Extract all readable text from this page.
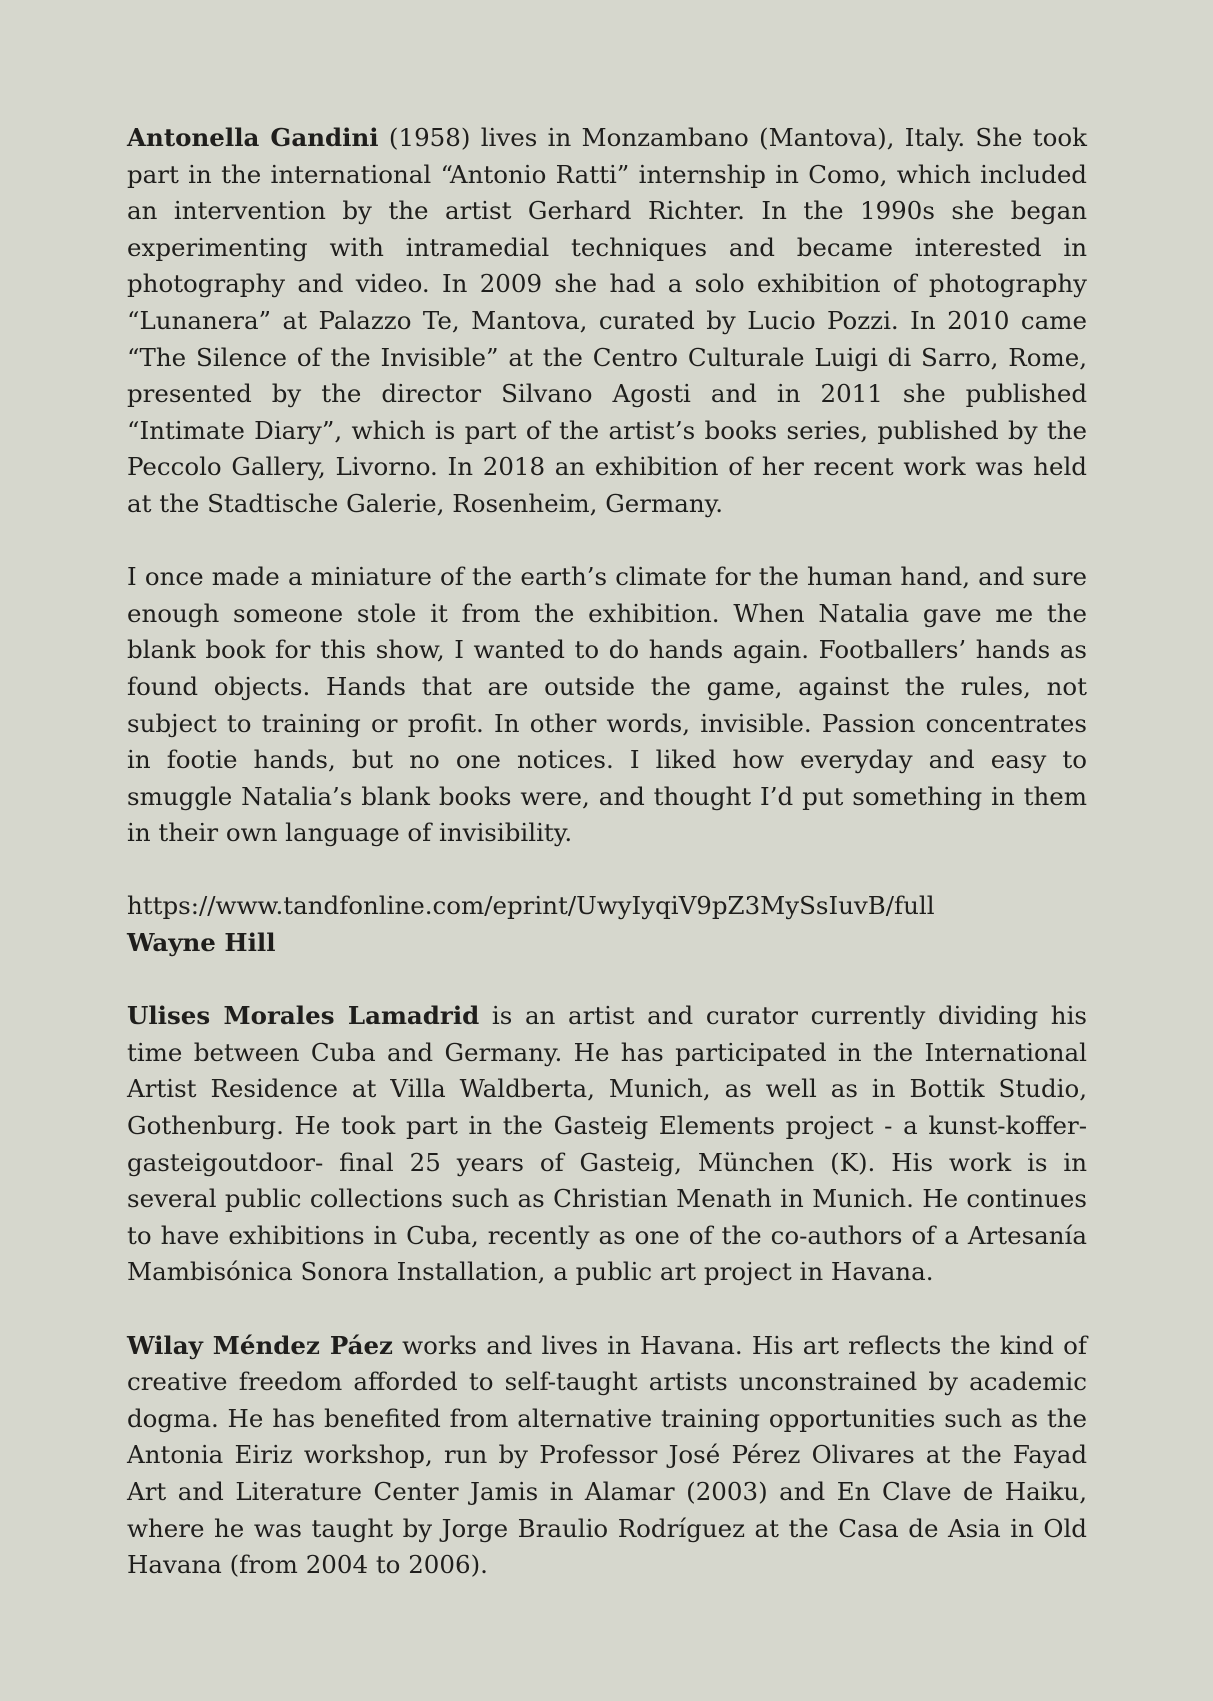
Antonella Gandini (1958) lives in Monzambano (Mantova), Italy. She took part in the international “Antonio Ratti” internship in Como, which included an intervention by the artist Gerhard Richter. In the 1990s she began experimenting with intramedial techniques and became interested in photography and video. In 2009 she had a solo exhibition of photography “Lunanera” at Palazzo Te, Mantova, curated by Lucio Pozzi. In 2010 came “The Silence of the Invisible” at the Centro Culturale Luigi di Sarro, Rome, presented by the director Silvano Agosti and in 2011 she published “Intimate Diary”, which is part of the artist’s books series, published by the Peccolo Gallery, Livorno. In 2018 an exhibition of her recent work was held at the Stadtische Galerie, Rosenheim, Germany.

I once made a miniature of the earth’s climate for the human hand, and sure enough someone stole it from the exhibition. When Natalia gave me the blank book for this show, I wanted to do hands again. Footballers’ hands as found objects. Hands that are outside the game, against the rules, not subject to training or profit. In other words, invisible. Passion concentrates in footie hands, but no one notices. I liked how everyday and easy to smuggle Natalia’s blank books were, and thought I’d put something in them in their own language of invisibility.

https://www.tandfonline.com/eprint/UwyIyqiV9pZ3MySsIuvB/full
Wayne Hill

Ulises Morales Lamadrid is an artist and curator currently dividing his time between Cuba and Germany. He has participated in the International Artist Residence at Villa Waldberta, Munich, as well as in Bottik Studio, Gothenburg. He took part in the Gasteig Elements project - a kunst-koffer-gasteigoutdoor- final 25 years of Gasteig, München (K). His work is in several public collections such as Christian Menath in Munich. He continues to have exhibitions in Cuba, recently as one of the co-authors of a Artesanía Mambisónica Sonora Installation, a public art project in Havana.

Wilay Méndez Páez works and lives in Havana. His art reflects the kind of creative freedom afforded to self-taught artists unconstrained by academic dogma. He has benefited from alternative training opportunities such as the Antonia Eiriz workshop, run by Professor José Pérez Olivares at the Fayad Art and Literature Center Jamis in Alamar (2003) and En Clave de Haiku, where he was taught by Jorge Braulio Rodríguez at the Casa de Asia in Old Havana (from 2004 to 2006).
